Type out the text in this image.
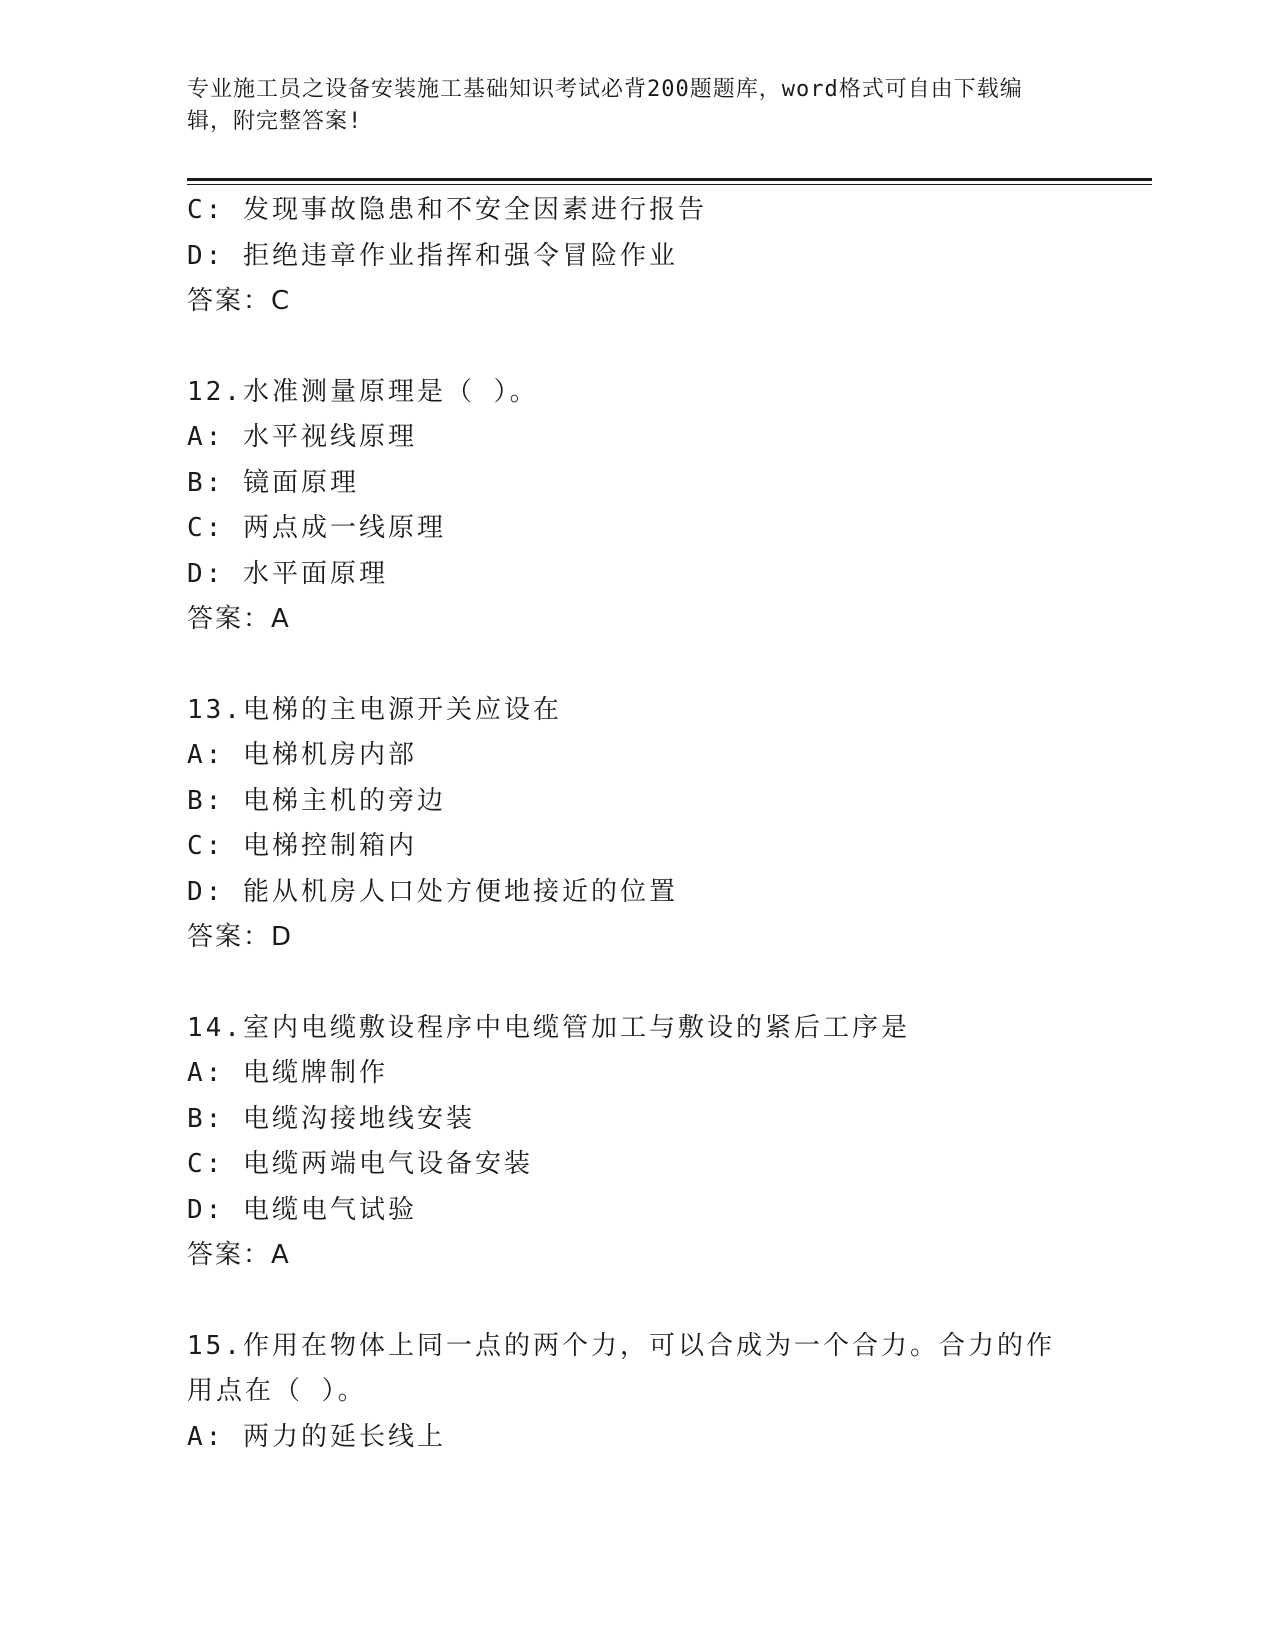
专业施工员之设备安装施工基础知识考试必背200题题库，word格式可自由下载编辑，附完整答案!
C: 发现事故隐患和不安全因素进行报告
D: 拒绝违章作业指挥和强令冒险作业
答案：C
12.水准测量原理是（ ）。
A: 水平视线原理
B: 镜面原理
C: 两点成一线原理
D: 水平面原理
答案：A
13.电梯的主电源开关应设在
A: 电梯机房内部
B: 电梯主机的旁边
C: 电梯控制箱内
D: 能从机房人口处方便地接近的位置
答案：D
14.室内电缆敷设程序中电缆管加工与敷设的紧后工序是
A: 电缆牌制作
B: 电缆沟接地线安装
C: 电缆两端电气设备安装
D: 电缆电气试验
答案：A
15.作用在物体上同一点的两个力，可以合成为一个合力。合力的作用点在（ ）。
A: 两力的延长线上
